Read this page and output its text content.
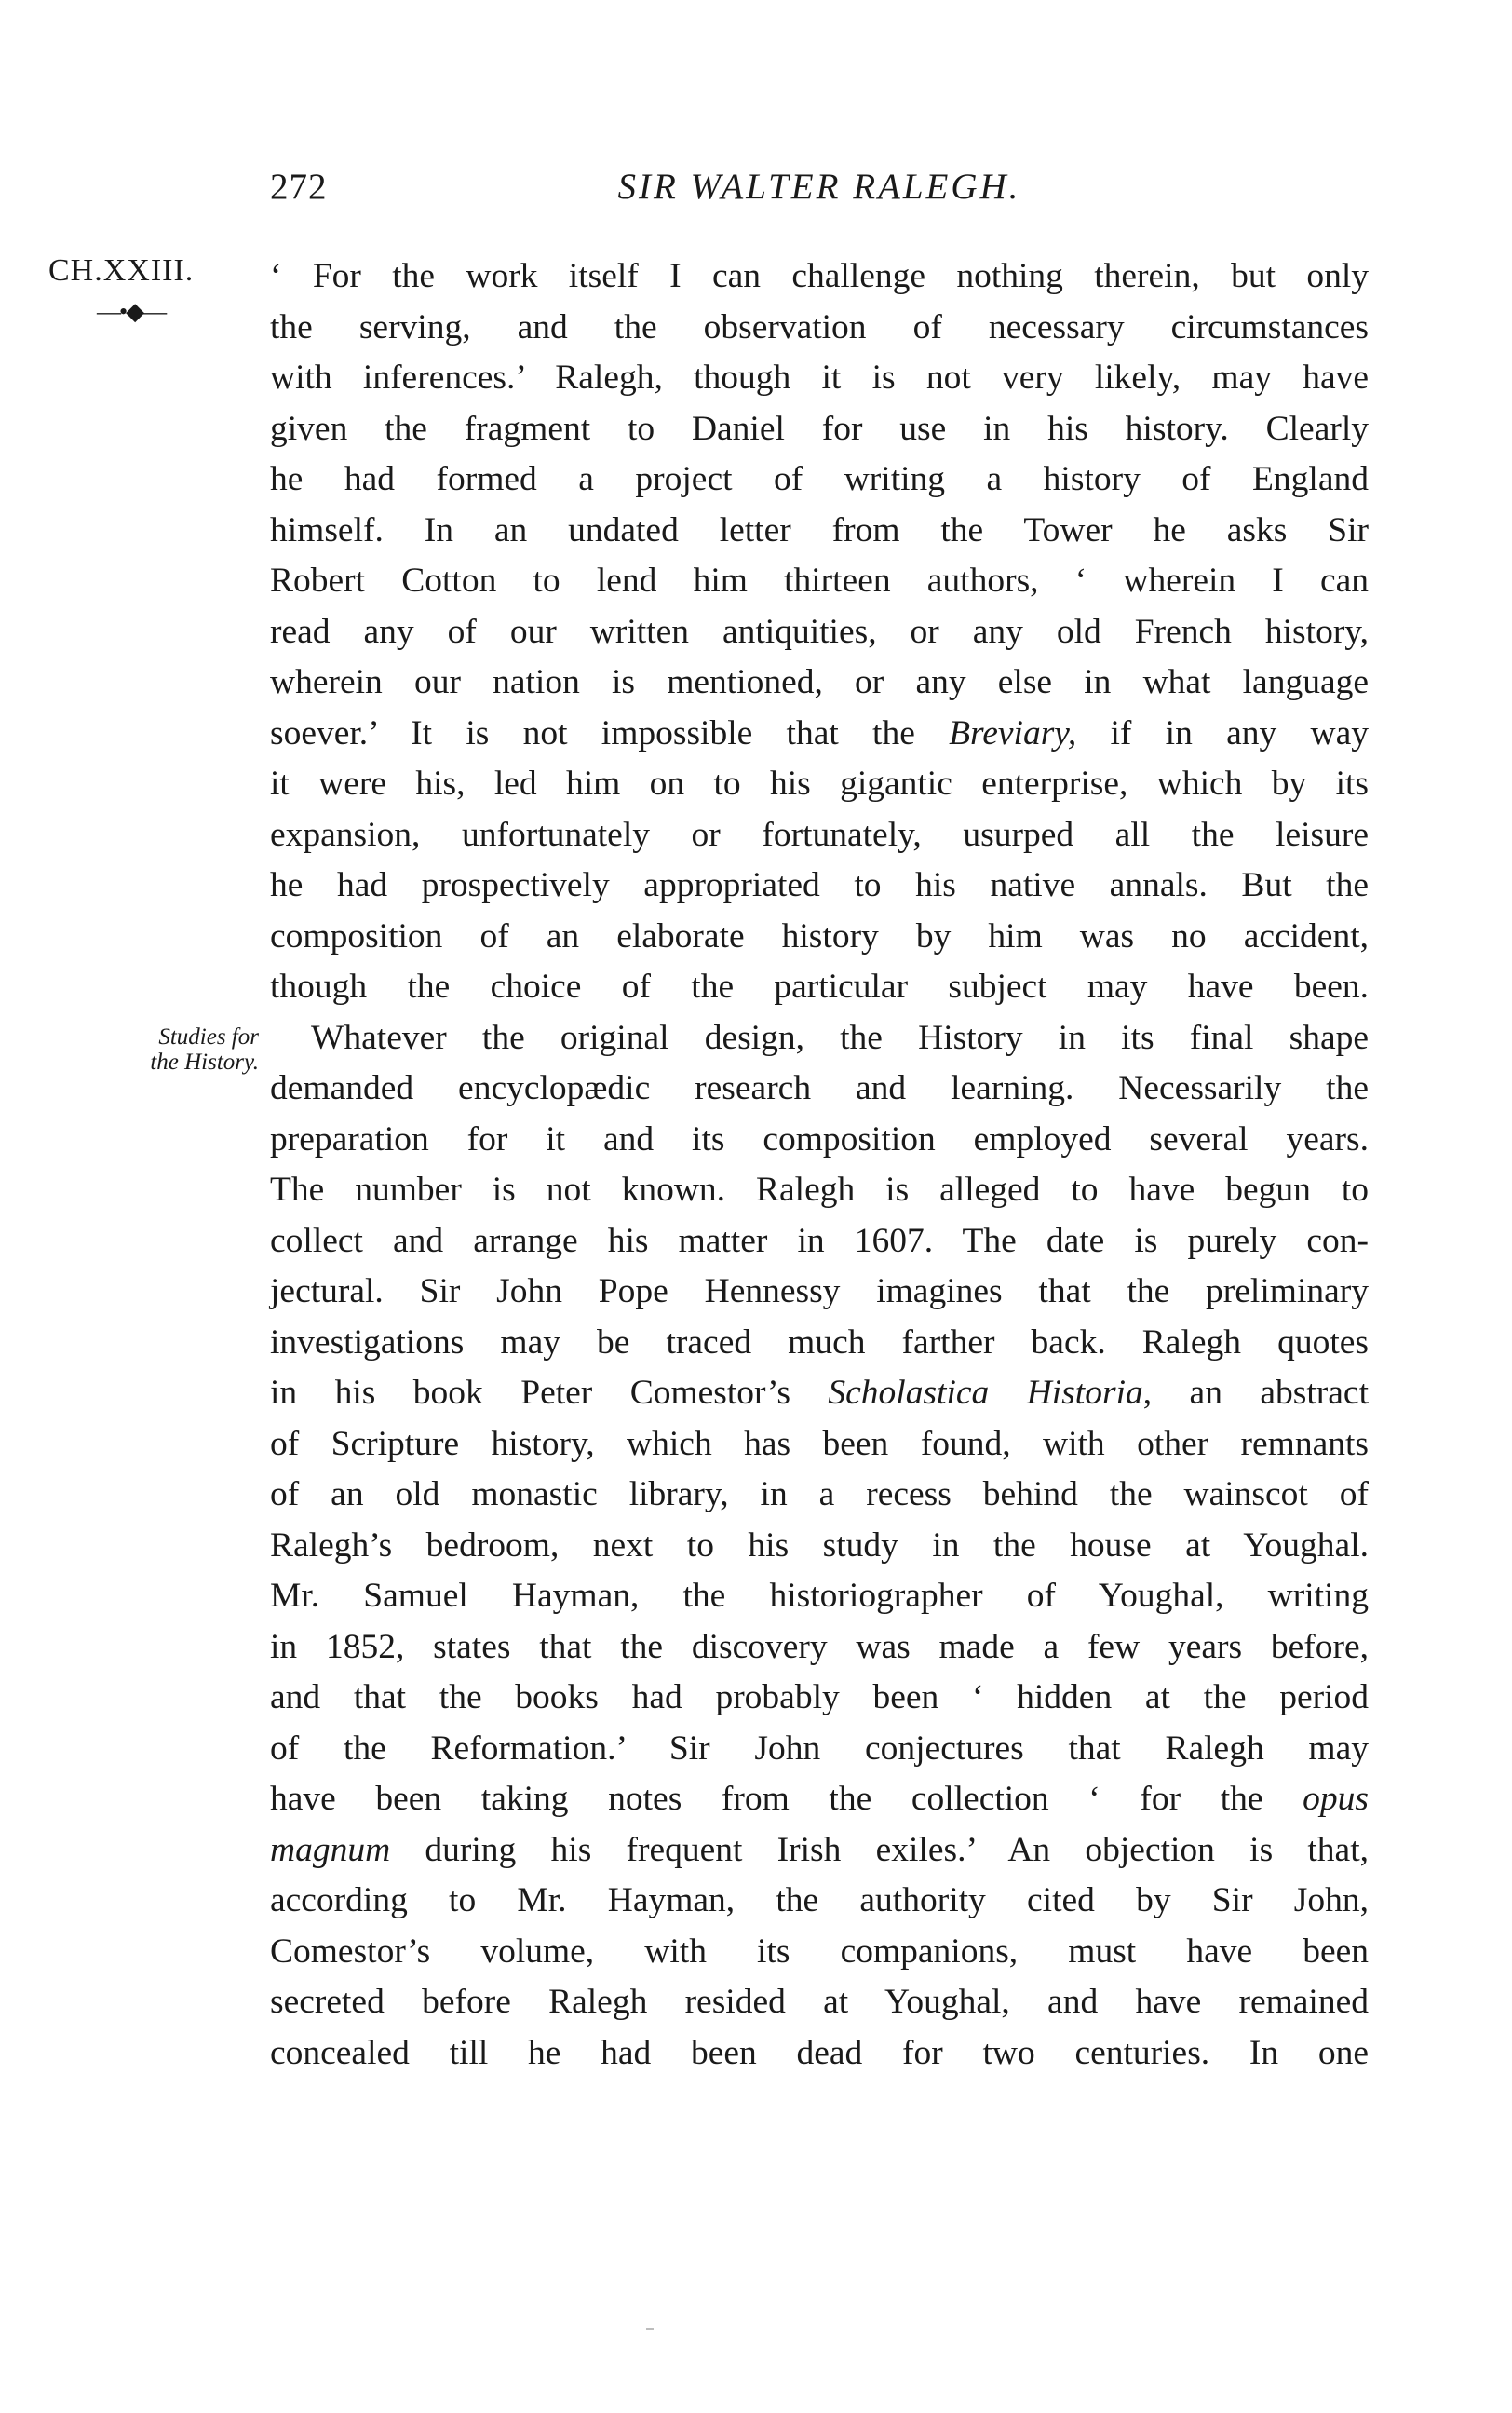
272	SIR WALTER RALEGH.
CH.XXIII.
—•◆—
Studies for
the History.
‘ For the work itself I can challenge nothing therein, but only
the serving, and the observation of necessary circumstances
with inferences.’ Ralegh, though it is not very likely, may have
given the fragment to Daniel for use in his history. Clearly
he had formed a project of writing a history of England
himself. In an undated letter from the Tower he asks Sir
Robert Cotton to lend him thirteen authors, ‘ wherein I can
read any of our written antiquities, or any old French history,
wherein our nation is mentioned, or any else in what language
soever.’ It is not impossible that the Breviary, if in any way
it were his, led him on to his gigantic enterprise, which by its
expansion, unfortunately or fortunately, usurped all the leisure
he had prospectively appropriated to his native annals. But the
composition of an elaborate history by him was no accident,
though the choice of the particular subject may have been.
Whatever the original design, the History in its final shape
demanded encyclopædic research and learning. Necessarily the
preparation for it and its composition employed several years.
The number is not known. Ralegh is alleged to have begun to
collect and arrange his matter in 1607. The date is purely con-
jectural. Sir John Pope Hennessy imagines that the preliminary
investigations may be traced much farther back. Ralegh quotes
in his book Peter Comestor’s Scholastica Historia, an abstract
of Scripture history, which has been found, with other remnants
of an old monastic library, in a recess behind the wainscot of
Ralegh’s bedroom, next to his study in the house at Youghal.
Mr. Samuel Hayman, the historiographer of Youghal, writing
in 1852, states that the discovery was made a few years before,
and that the books had probably been ‘ hidden at the period
of the Reformation.’ Sir John conjectures that Ralegh may
have been taking notes from the collection ‘ for the opus
magnum during his frequent Irish exiles.’ An objection is that,
according to Mr. Hayman, the authority cited by Sir John,
Comestor’s volume, with its companions, must have been
secreted before Ralegh resided at Youghal, and have remained
concealed till he had been dead for two centuries. In one
